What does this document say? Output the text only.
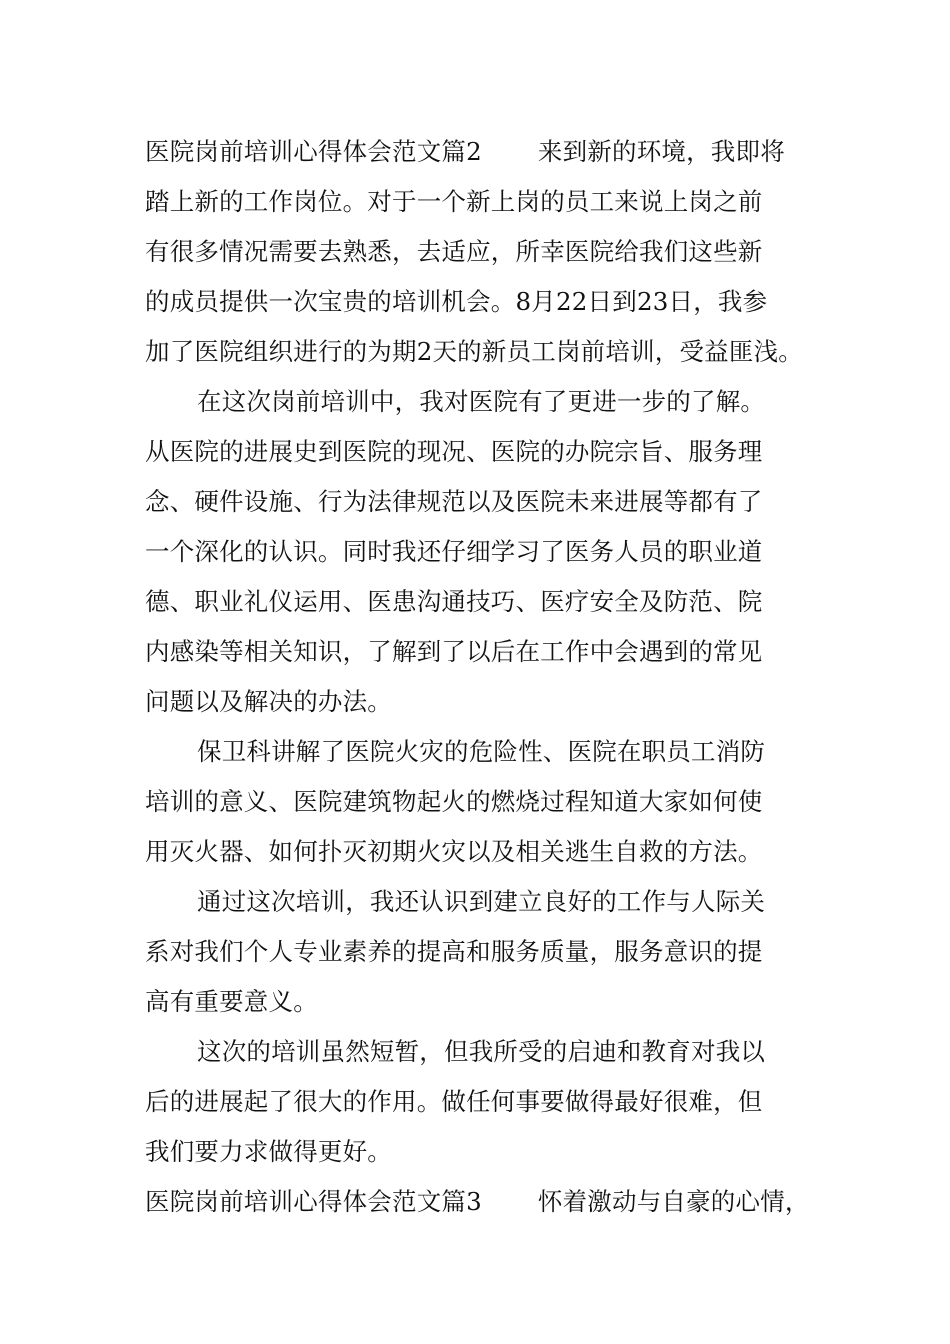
医院岗前培训心得体会范文篇2 来到新的环境，我即将
踏上新的工作岗位。对于一个新上岗的员工来说上岗之前
有很多情况需要去熟悉，去适应，所幸医院给我们这些新
的成员提供一次宝贵的培训机会。8月22日到23日，我参
加了医院组织进行的为期2天的新员工岗前培训，受益匪浅。
在这次岗前培训中，我对医院有了更进一步的了解。
从医院的进展史到医院的现况、医院的办院宗旨、服务理
念、硬件设施、行为法律规范以及医院未来进展等都有了
一个深化的认识。同时我还仔细学习了医务人员的职业道
德、职业礼仪运用、医患沟通技巧、医疗安全及防范、院
内感染等相关知识，了解到了以后在工作中会遇到的常见
问题以及解决的办法。
保卫科讲解了医院火灾的危险性、医院在职员工消防
培训的意义、医院建筑物起火的燃烧过程知道大家如何使
用灭火器、如何扑灭初期火灾以及相关逃生自救的方法。
通过这次培训，我还认识到建立良好的工作与人际关
系对我们个人专业素养的提高和服务质量，服务意识的提
高有重要意义。
这次的培训虽然短暂，但我所受的启迪和教育对我以
后的进展起了很大的作用。做任何事要做得最好很难，但
我们要力求做得更好。
医院岗前培训心得体会范文篇3 怀着激动与自豪的心情，
